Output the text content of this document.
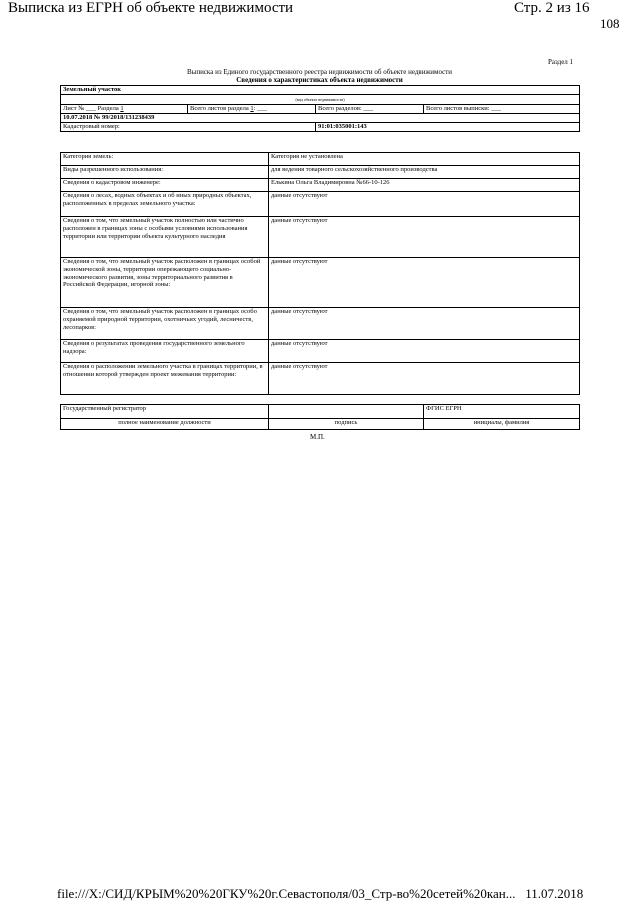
Выписка из ЕГРН об объекте недвижимости	Стр. 2 из 16
108
Раздел 1
Выписка из Единого государственного реестра недвижимости об объекте недвижимости
Сведения о характеристиках объекта недвижимости
Земельный участок			
(вид объекта недвижимости)			
Лист № ___ Раздела 1	Всего листов раздела 1: ___	Всего разделов: ___	Всего листов выписки: ___
10.07.2018 № 99/2018/131238439			
Кадастровый номер:		91:01:035001:143	
Категория земель:	Категория не установлена
Виды разрешенного использования:	для ведения товарного сельскохозяйственного производства
Сведения о кадастровом инженере:	Елькина Ольга Владимировна №66-10-126
Сведения о лесах, водных объектах и об иных природных объектах, расположенных в пределах земельного участка:	данные отсутствуют
Сведения о том, что земельный участок полностью или частично расположен в границах зоны с особыми условиями использования территории или территории объекта культурного наследия	данные отсутствуют
Сведения о том, что земельный участок расположен в границах особой экономической зоны, территории опережающего социально-экономического развития, зоны территориального развития в Российской Федерации, игорной зоны:	данные отсутствуют
Сведения о том, что земельный участок расположен в границах особо охраняемой природной территории, охотничьих угодий, лесничеств, лесопарков:	данные отсутствуют
Сведения о результатах проведения государственного земельного надзора:	данные отсутствуют
Сведения о расположении земельного участка в границах территории, в отношении которой утвержден проект межевания территории:	данные отсутствуют
Государственный регистратор		ФГИС ЕГРН
полное наименование должности	подпись	инициалы, фамилия
М.П.
file:///X:/СИД/КРЫМ%20%20ГКУ%20г.Севастополя/03_Стр-во%20сетей%20кан... 11.07.2018
